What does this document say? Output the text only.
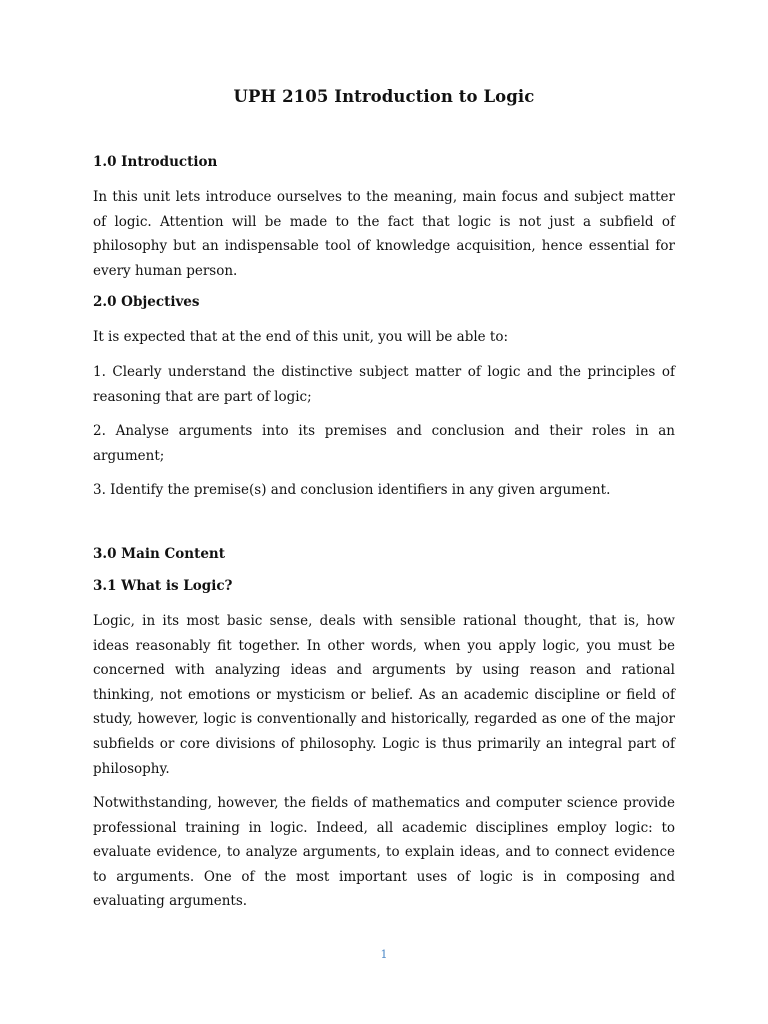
UPH 2105 Introduction to Logic
1.0 Introduction

In this unit lets introduce ourselves to the meaning, main focus and subject matter of logic. Attention will be made to the fact that logic is not just a subfield of philosophy but an indispensable tool of knowledge acquisition, hence essential for every human person.

2.0 Objectives

It is expected that at the end of this unit, you will be able to:

1. Clearly understand the distinctive subject matter of logic and the principles of reasoning that are part of logic;

2. Analyse arguments into its premises and conclusion and their roles in an argument;

3. Identify the premise(s) and conclusion identifiers in any given argument.

3.0 Main Content
3.1 What is Logic?

Logic, in its most basic sense, deals with sensible rational thought, that is, how ideas reasonably fit together. In other words, when you apply logic, you must be concerned with analyzing ideas and arguments by using reason and rational thinking, not emotions or mysticism or belief. As an academic discipline or field of study, however, logic is conventionally and historically, regarded as one of the major subfields or core divisions of philosophy. Logic is thus primarily an integral part of philosophy.

Notwithstanding, however, the fields of mathematics and computer science provide professional training in logic. Indeed, all academic disciplines employ logic: to evaluate evidence, to analyze arguments, to explain ideas, and to connect evidence to arguments. One of the most important uses of logic is in composing and evaluating arguments.

1
